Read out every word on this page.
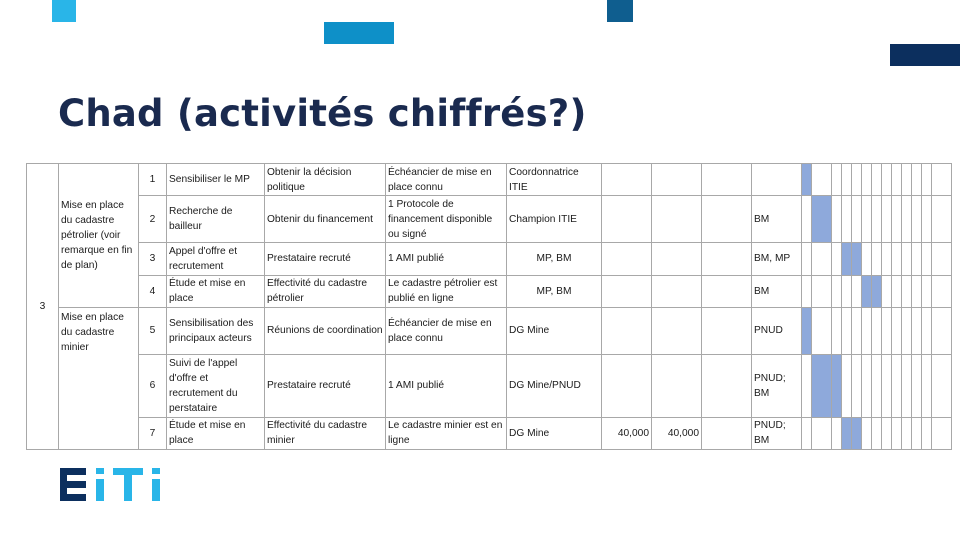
Chad (activités chiffrés?)
3	Mise en place du cadastre pétrolier (voir remarque en fin de plan)	1	Sensibiliser le MP	Obtenir la décision politique	Échéancier de mise en place connu	Coordonnatrice ITIE																	
		2	Recherche de bailleur	Obtenir du financement	1 Protocole de financement disponible ou signé	Champion ITIE				BM													
		3	Appel d'offre et recrutement	Prestataire recruté	1 AMI publié	MP, BM				BM, MP													
		4	Étude et mise en place	Effectivité du cadastre pétrolier	Le cadastre pétrolier est publié en ligne	MP, BM				BM													
	Mise en place du cadastre minier	5	Sensibilisation des principaux acteurs	Réunions de coordination	Échéancier de mise en place connu	DG Mine				PNUD													
		6	Suivi de l'appel d'offre et recrutement du perstataire	Prestataire recruté	1 AMI publié	DG Mine/PNUD				PNUD; BM													
		7	Étude et mise en place	Effectivité du cadastre minier	Le cadastre minier est en ligne	DG Mine	40,000	40,000		PNUD; BM													
